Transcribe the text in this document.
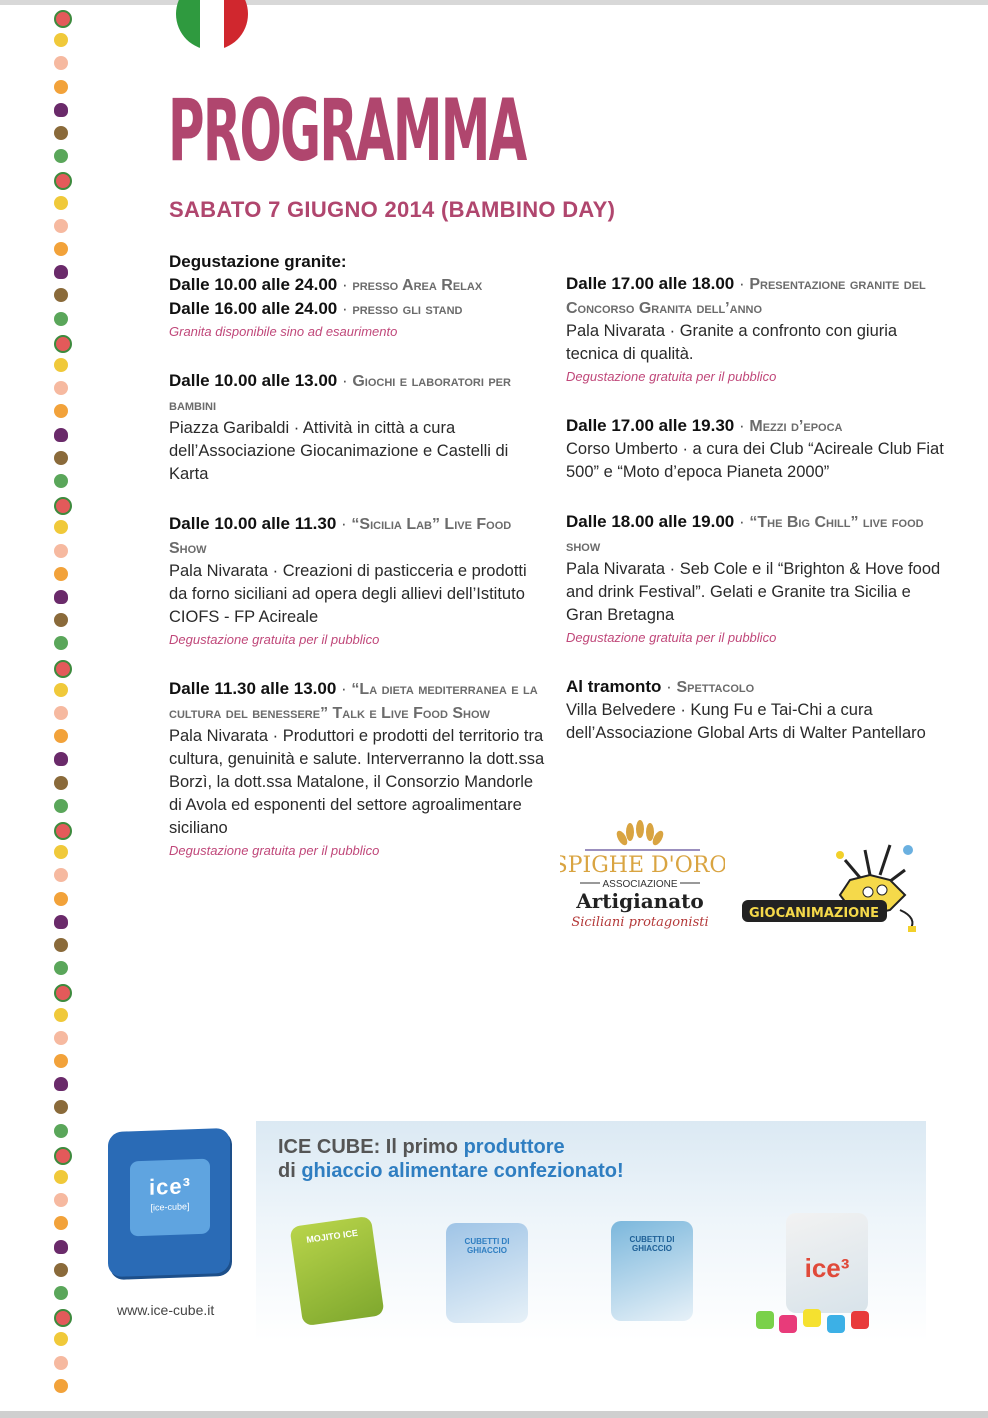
PROGRAMMA
SABATO 7 GIUGNO 2014 (BAMBINO DAY)
Degustazione granite:
Dalle 10.00 alle 24.00 · presso Area Relax
Dalle 16.00 alle 24.00 · presso gli stand
Granita disponibile sino ad esaurimento
Dalle 10.00 alle 13.00 · Giochi e laboratori per bambini
Piazza Garibaldi · Attività in città a cura dell’Associazione Giocanimazione e Castelli di Karta
Dalle 10.00 alle 11.30 · “Sicilia Lab” Live Food Show
Pala Nivarata · Creazioni di pasticceria e prodotti da forno siciliani ad opera degli allievi dell’Istituto CIOFS - FP Acireale
Degustazione gratuita per il pubblico
Dalle 11.30 alle 13.00 · “La dieta mediterranea e la cultura del benessere” Talk e Live Food Show
Pala Nivarata · Produttori e prodotti del territorio tra cultura, genuinità e salute. Interverranno la dott.ssa Borzì, la dott.ssa Matalone, il Consorzio Mandorle di Avola ed esponenti del settore agroalimentare siciliano
Degustazione gratuita per il pubblico
Dalle 17.00 alle 18.00 · Presentazione granite del Concorso Granita dell’anno
Pala Nivarata · Granite a confronto con giuria tecnica di qualità.
Degustazione gratuita per il pubblico
Dalle 17.00 alle 19.30 · Mezzi d’epoca
Corso Umberto · a cura dei Club “Acireale Club Fiat 500” e “Moto d’epoca Pianeta 2000”
Dalle 18.00 alle 19.00 · “The Big Chill” live food show
Pala Nivarata · Seb Cole e il “Brighton & Hove food and drink Festival”. Gelati e Granite tra Sicilia e Gran Bretagna
Degustazione gratuita per il pubblico
Al tramonto · Spettacolo
Villa Belvedere · Kung Fu e Tai-Chi a cura dell’Associazione Global Arts di Walter Pantellaro
SPIGHE D'ORO
ASSOCIAZIONE
Artigianato
Siciliani protagonisti
GIOCANIMAZIONE
ice³
[ice-cube]
www.ice-cube.it
ICE CUBE: Il primo produttore
di ghiaccio alimentare confezionato!
MOJITO ICE	CUBETTI DI GHIACCIO
CUBETTI DI GHIACCIO
ice³
